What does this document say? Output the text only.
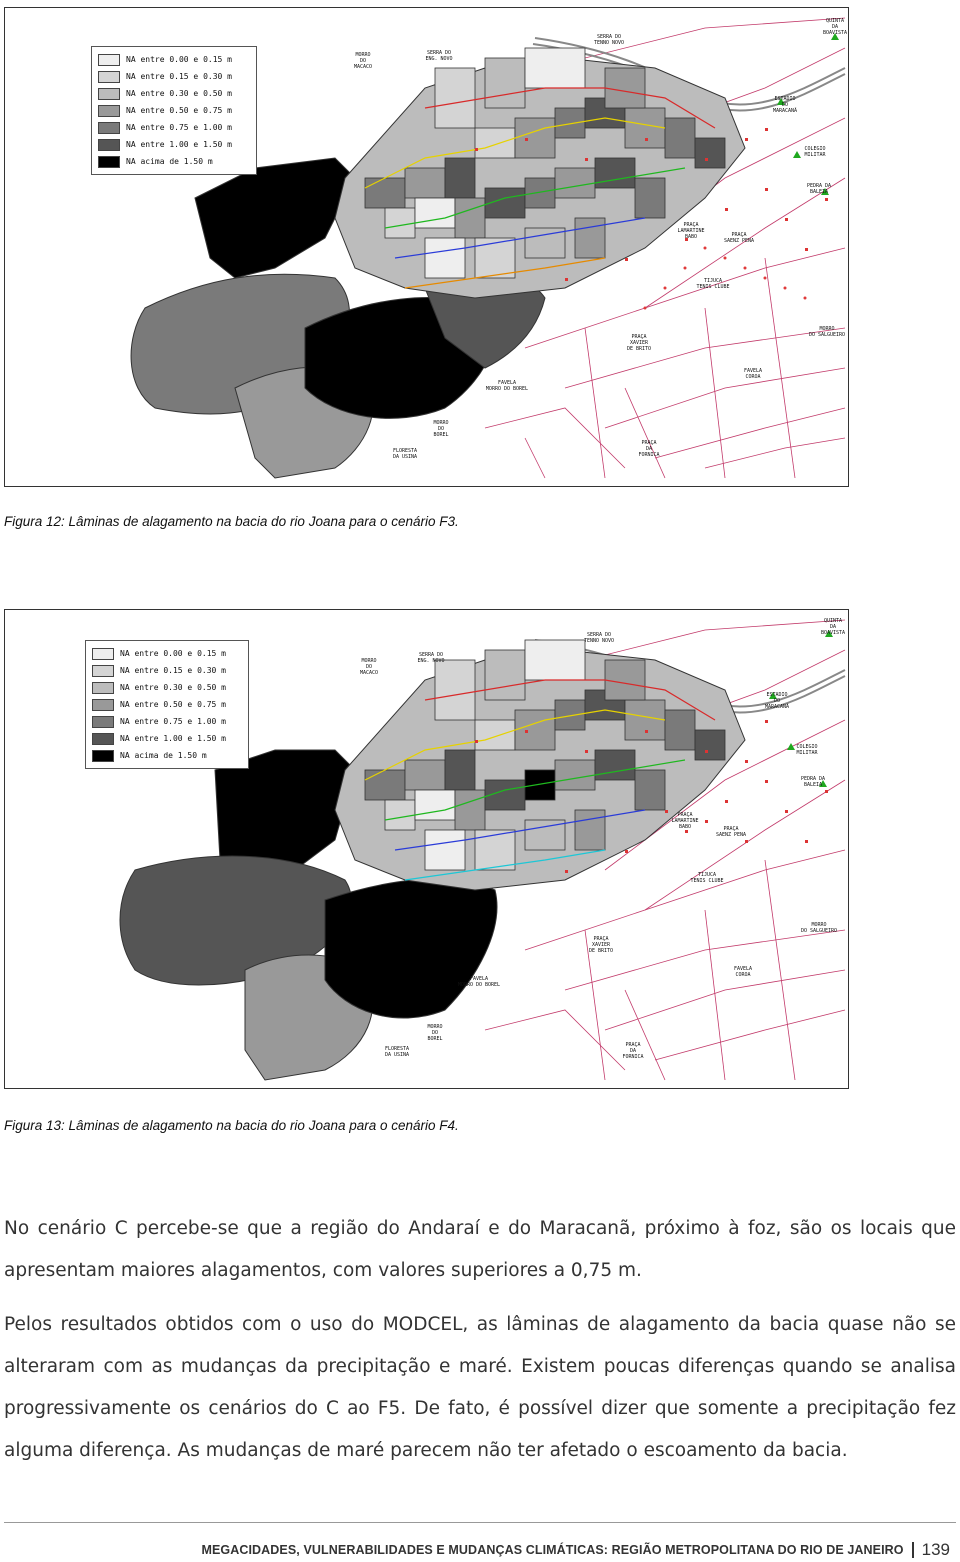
NA entre 0.00 e 0.15 m
NA entre 0.15 e 0.30 m
NA entre 0.30 e 0.50 m
NA entre 0.50 e 0.75 m
NA entre 0.75 e 1.00 m
NA entre 1.00 e 1.50 m
NA acima de 1.50 m
MORRO
DO
MACACO
SERRA DO
ENG. NOVO
SERRA DO
TENNO NOVO
QUINTA
DA
BOAVISTA
ESTADIO
DO
MARACANÃ
COLEGIO
MILITAR
PEDRA DA
BALEIA
PRAÇA
LAMARTINE
BABO	PRAÇA
SAENZ PENA
TIJUCA
TENIS CLUBE
MORRO
DO SALGUEIRO
PRAÇA
XAVIER
DE BRITO
FAVELA
MORRO DO BOREL
FAVELA
COROA
MORRO
DO
BOREL
FLORESTA
DA USINA
PRAÇA
DA
FORNICA
Figura 12: Lâminas de alagamento na bacia do rio Joana para o cenário F3.
NA entre 0.00 e 0.15 m
NA entre 0.15 e 0.30 m
NA entre 0.30 e 0.50 m
NA entre 0.50 e 0.75 m
NA entre 0.75 e 1.00 m
NA entre 1.00 e 1.50 m
NA acima de 1.50 m
MORRO
DO
MACACO
SERRA DO
ENG. NOVO
SERRA DO
TENNO NOVO
QUINTA
DA
BOAVISTA
ESTADIO
DO
MARACANÃ
COLEGIO
MILITAR
PEDRA DA
BALEIA
PRAÇA
LAMARTINE
BABO	PRAÇA
SAENZ PENA
TIJUCA
TENIS CLUBE
MORRO
DO SALGUEIRO
PRAÇA
XAVIER
DE BRITO
FAVELA
MORRO DO BOREL
FAVELA
COROA
MORRO
DO
BOREL
FLORESTA
DA USINA
PRAÇA
DA
FORNICA
Figura 13: Lâminas de alagamento na bacia do rio Joana para o cenário F4.

No cenário C percebe-se que a região do Andaraí e do Maracanã, próximo à foz, são os locais que apresentam maiores alagamentos, com valores superiores a 0,75 m.

Pelos resultados obtidos com o uso do MODCEL, as lâminas de alagamento da bacia quase não se alteraram com as mudanças da precipitação e maré. Existem poucas diferenças quando se analisa progressivamente os cenários do C ao F5. De fato, é possível dizer que somente a precipitação fez alguma diferença. As mudanças de maré parecem não ter afetado o escoamento da bacia.

MEGACIDADES, VULNERABILIDADES E MUDANÇAS CLIMÁTICAS: REGIÃO METROPOLITANA DO RIO DE JANEIRO 139
